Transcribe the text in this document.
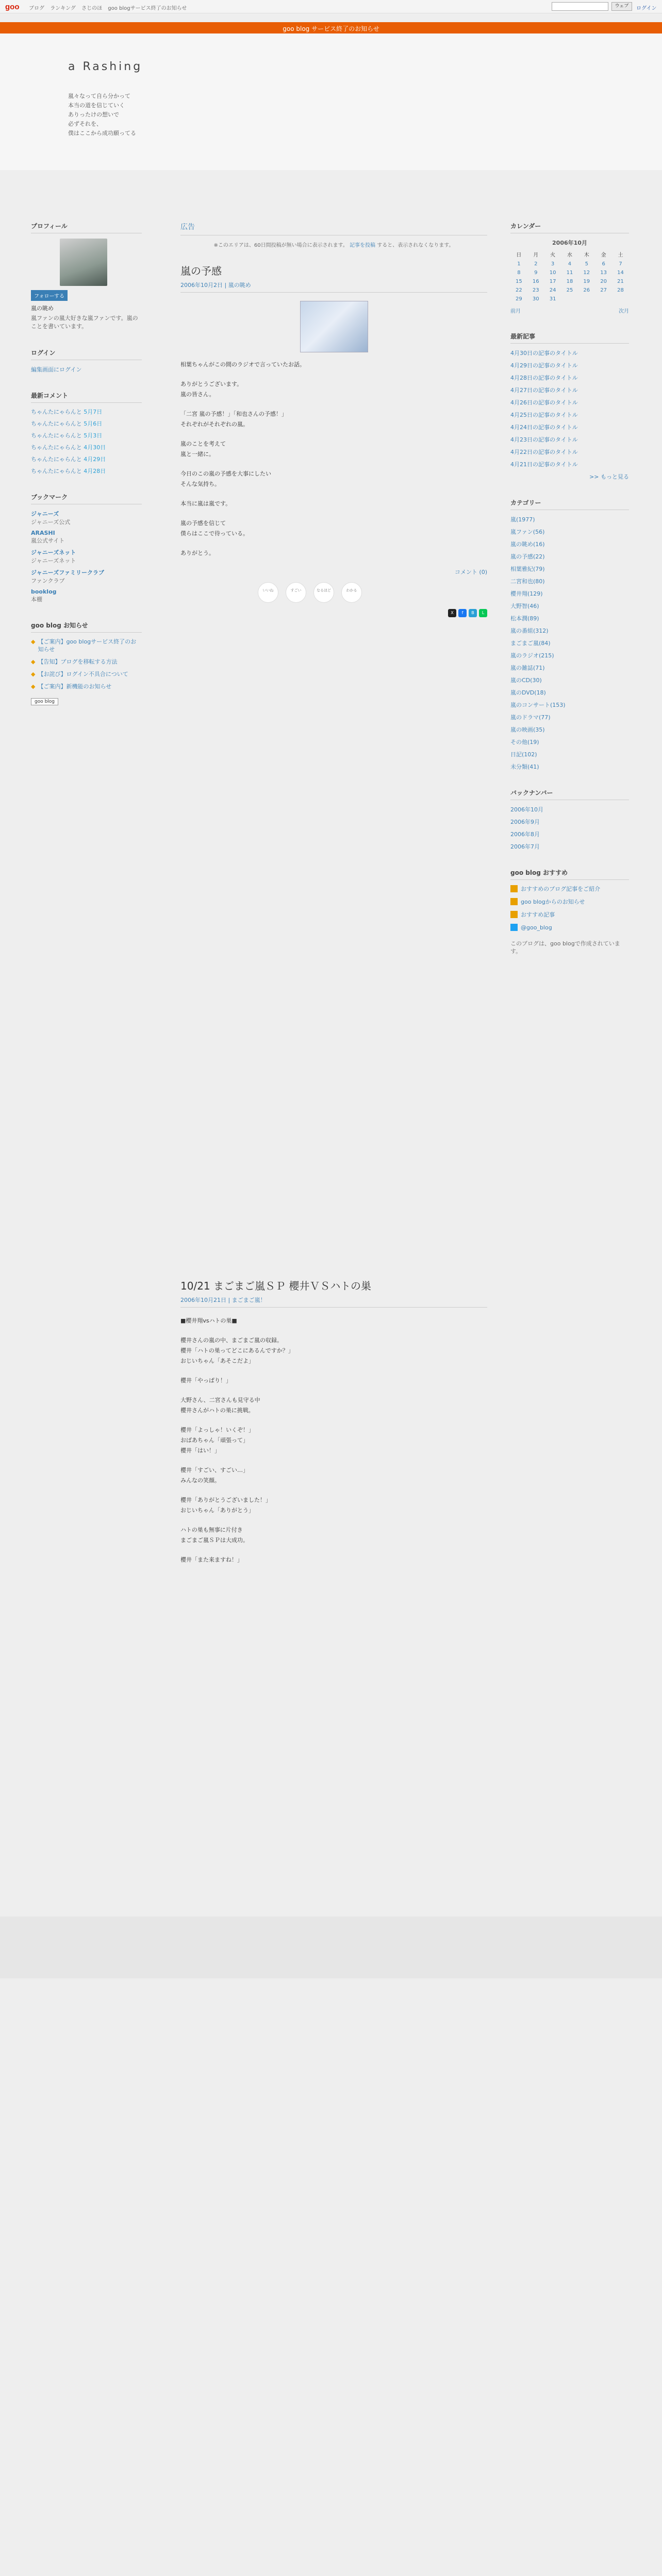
goo ブログ ランキング さじのほ goo blogサービス終了のお知らせ	ウェブ	ログイン
goo blog サービス終了のお知らせ
a Rashing
嵐々なって自ら分かって
本当の道を信じていく
ありったけの想いで
必ずそれを、
僕はここから成功願ってる
プロフィール
フォローする
嵐の眺め
嵐ファンの嵐大好きな嵐ファンです。嵐のことを書いています。
ログイン
編集画面にログイン
最新コメント
ちゃんたにゃらんと 5月7日
ちゃんたにゃらんと 5月6日
ちゃんたにゃらんと 5月3日
ちゃんたにゃらんと 4月30日
ちゃんたにゃらんと 4月29日
ちゃんたにゃらんと 4月28日
ブックマーク
ジャニーズ
ジャニーズ公式
ARASHI
嵐公式サイト
ジャニーズネット
ジャニーズネット
ジャニーズファミリークラブ
ファンクラブ
booklog
本棚
goo blog お知らせ
◆ 【ご案内】goo blogサービス終了のお知らせ
◆ 【告知】ブログを移転する方法
◆ 【お詫び】ログイン不具合について
◆ 【ご案内】新機能のお知らせ
goo blog
広告
※このエリアは、60日間投稿が無い場合に表示されます。 記事を投稿 すると、表示されなくなります。
嵐の予感
2006年10月2日 | 嵐の眺め

相葉ちゃんがこの間のラジオで言っていたお話。

ありがとうございます。
嵐の皆さん。

「二宮 嵐の予感！」「和也さんの予感！」
それぞれがそれぞれの嵐。

嵐のことを考えて
嵐と一緒に。

今日のこの嵐の予感を大事にしたい
そんな気持ち。

本当に嵐は嵐です。

嵐の予感を信じて
僕らはここで待っている。

ありがとう。

コメント (0)
いいね	すごい	なるほど	わかる
X	f	B	L
カレンダー
2006年10月
日	月	火	水	木	金	土
1	2	3	4	5	6	7
8	9	10	11	12	13	14
15	16	17	18	19	20	21
22	23	24	25	26	27	28
29	30	31				
前月	次月
最新記事
4月30日の記事のタイトル
4月29日の記事のタイトル
4月28日の記事のタイトル
4月27日の記事のタイトル
4月26日の記事のタイトル
4月25日の記事のタイトル
4月24日の記事のタイトル
4月23日の記事のタイトル
4月22日の記事のタイトル
4月21日の記事のタイトル
>> もっと見る
カテゴリー
嵐(1977)
嵐ファン(56)
嵐の眺め(16)
嵐の予感(22)
相葉雅紀(79)
二宮和也(80)
櫻井翔(129)
大野智(46)
松本潤(89)
嵐の番組(312)
まごまご嵐(84)
嵐のラジオ(215)
嵐の雑誌(71)
嵐のCD(30)
嵐のDVD(18)
嵐のコンサート(153)
嵐のドラマ(77)
嵐の映画(35)
その他(19)
日記(102)
未分類(41)
バックナンバー
2006年10月
2006年9月
2006年8月
2006年7月
goo blog おすすめ
おすすめのブログ記事をご紹介
goo blogからのお知らせ
おすすめ記事
@goo_blog
このブログは、goo blogで作成されています。
10/21 まごまご嵐ＳＰ 櫻井ＶＳハトの巣
2006年10月21日 | まごまご嵐！

■櫻井翔vsハトの巣■

櫻井さんの嵐の中、まごまご嵐の収録。
櫻井「ハトの巣ってどこにあるんですか？」
おじいちゃん「あそこだよ」

櫻井「やっぱり！」

大野さん、二宮さんも見守る中
櫻井さんがハトの巣に挑戦。

櫻井「よっしゃ！いくぞ！」
おばあちゃん「頑張って」
櫻井「はい！」

櫻井「すごい、すごい…」
みんなの笑顔。

櫻井「ありがとうございました！」
おじいちゃん「ありがとう」

ハトの巣も無事に片付き
まごまご嵐ＳＰは大成功。

櫻井「また来ますね！」
